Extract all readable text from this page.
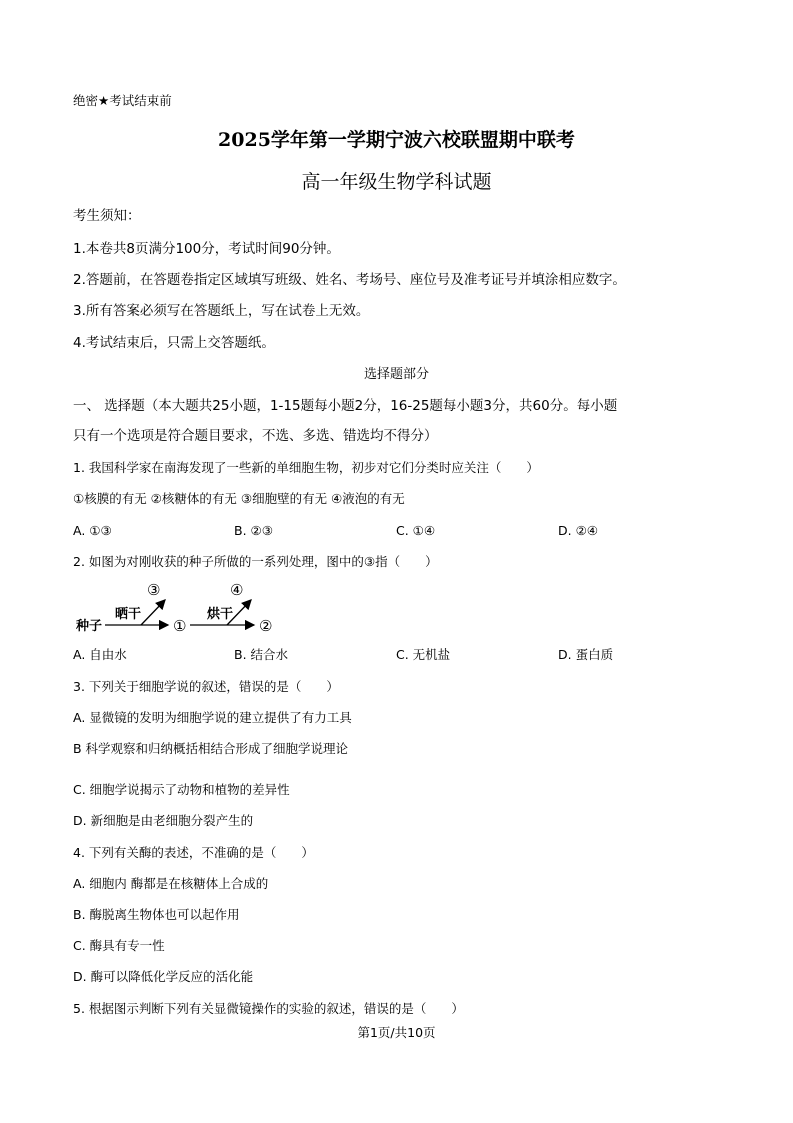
绝密★考试结束前
2025学年第一学期宁波六校联盟期中联考
高一年级生物学科试题
考生须知：
1.本卷共8页满分100分，考试时间90分钟。
2.答题前，在答题卷指定区域填写班级、姓名、考场号、座位号及准考证号并填涂相应数字。
3.所有答案必须写在答题纸上，写在试卷上无效。
4.考试结束后，只需上交答题纸。
选择题部分
一、 选择题（本大题共25小题，1-15题每小题2分，16-25题每小题3分，共60分。每小题
只有一个选项是符合题目要求，不选、多选、错选均不得分）
1. 我国科学家在南海发现了一些新的单细胞生物，初步对它们分类时应关注（　　）
①核膜的有无 ②核糖体的有无 ③细胞壁的有无 ④液泡的有无
A. ①③	B. ②③	C. ①④	D. ②④
2. 如图为对刚收获的种子所做的一系列处理，图中的③指（　　）
③	④
种子
晒干
①
烘干
②
A. 自由水	B. 结合水	C. 无机盐	D. 蛋白质
3. 下列关于细胞学说的叙述，错误的是（　　）
A. 显微镜的发明为细胞学说的建立提供了有力工具
B 科学观察和归纳概括相结合形成了细胞学说理论
C. 细胞学说揭示了动物和植物的差异性
D. 新细胞是由老细胞分裂产生的
4. 下列有关酶的表述，不准确的是（　　）
A. 细胞内 酶都是在核糖体上合成的
B. 酶脱离生物体也可以起作用
C. 酶具有专一性
D. 酶可以降低化学反应的活化能
5. 根据图示判断下列有关显微镜操作的实验的叙述，错误的是（　　）
第1页/共10页
